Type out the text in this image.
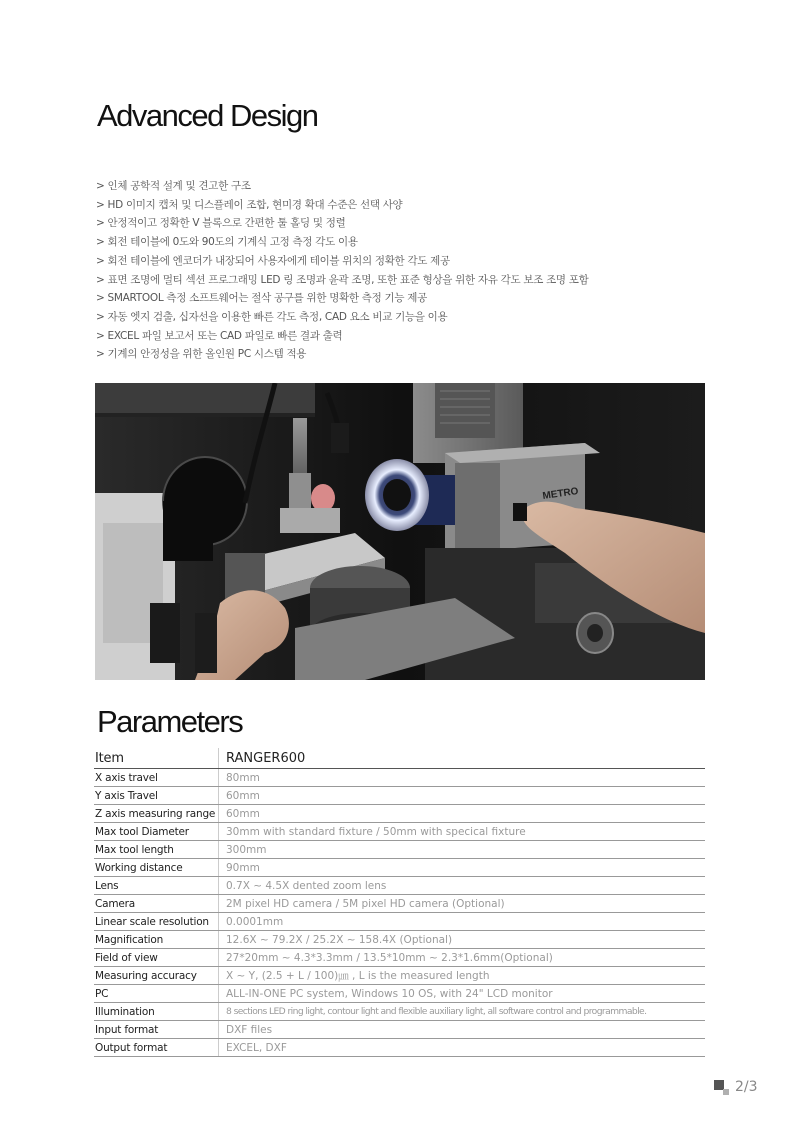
Advanced Design
> 인체 공학적 설계 및 견고한 구조
> HD 이미지 캡처 및 디스플레이 조합, 현미경 확대 수준은 선택 사양
> 안정적이고 정확한 V 블록으로 간편한 툴 홀딩 및 정렬
> 회전 테이블에 0도와 90도의 기계식 고정 측정 각도 이용
> 회전 테이블에 엔코더가 내장되어 사용자에게 테이블 위치의 정확한 각도 제공
> 표면 조명에 멀티 섹션 프로그래밍 LED 링 조명과 윤곽 조명, 또한 표준 형상을 위한 자유 각도 보조 조명 포함
> SMARTOOL 측정 소프트웨어는 절삭 공구를 위한 명확한 측정 기능 제공
> 자동 엣지 검출, 십자선을 이용한 빠른 각도 측정, CAD 요소 비교 기능을 이용
> EXCEL 파일 보고서 또는 CAD 파일로 빠른 결과 출력
> 기계의 안정성을 위한 올인원 PC 시스템 적용
METRO
Parameters
Item	RANGER600
X axis travel	80mm
Y axis Travel	60mm
Z axis measuring range	60mm
Max tool Diameter	30mm with standard fixture / 50mm with specical fixture
Max tool length	300mm
Working distance	90mm
Lens	0.7X ~ 4.5X dented zoom lens
Camera	2M pixel HD camera / 5M pixel HD camera (Optional)
Linear scale resolution	0.0001mm
Magnification	12.6X ~ 79.2X / 25.2X ~ 158.4X (Optional)
Field of view	27*20mm ~ 4.3*3.3mm / 13.5*10mm ~ 2.3*1.6mm(Optional)
Measuring accuracy	X ~ Y, (2.5 + L / 100)㎛ , L is the measured length
PC	ALL-IN-ONE PC system, Windows 10 OS, with 24" LCD monitor
Illumination	8 sections LED ring light, contour light and flexible auxiliary light, all software control and programmable.
Input format	DXF files
Output format	EXCEL, DXF
2/3
